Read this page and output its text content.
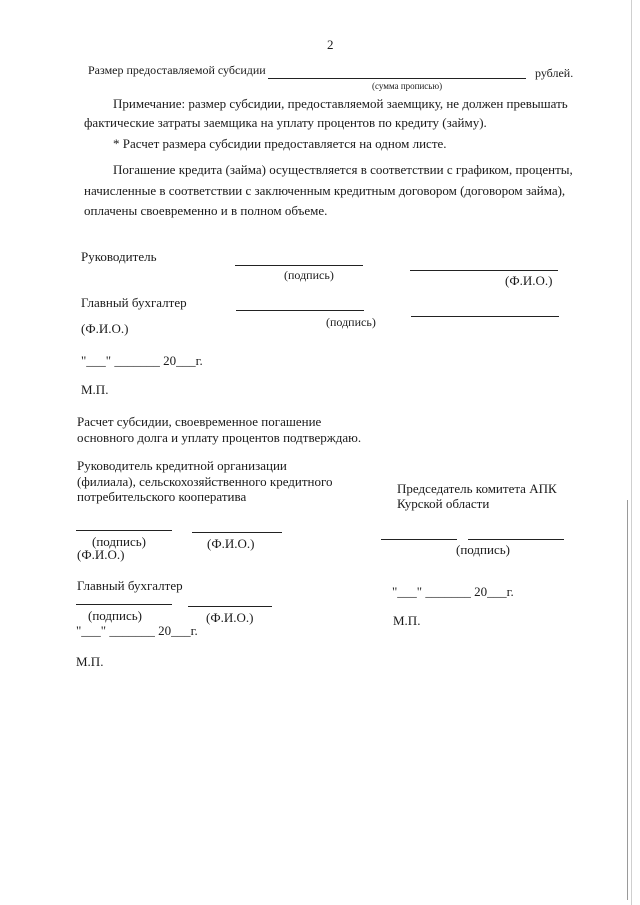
2
Размер предоставляемой субсидии
(сумма прописью)
рублей.
Примечание: размер субсидии, предоставляемой заемщику, не должен превышать
фактические затраты заемщика на уплату процентов по кредиту (займу).
* Расчет размера субсидии предоставляется на одном листе.
Погашение кредита (займа) осуществляется в соответствии с графиком, проценты,
начисленные в соответствии с заключенным кредитным договором (договором займа),
оплачены своевременно и в полном объеме.
Руководитель
(подпись)	(Ф.И.О.)
Главный бухгалтер
(подпись)
(Ф.И.О.)
"___" _______ 20___г.
М.П.
Расчет субсидии, своевременное погашение
основного долга и уплату процентов подтверждаю.
Руководитель кредитной организации
(филиала), сельскохозяйственного кредитного
потребительского кооператива
(подпись)	(Ф.И.О.)
(Ф.И.О.)
Главный бухгалтер
(подпись)	(Ф.И.О.)
"___" _______ 20___г.
М.П.
Председатель комитета АПК
Курской области
(подпись)
"___" _______ 20___г.
М.П.
